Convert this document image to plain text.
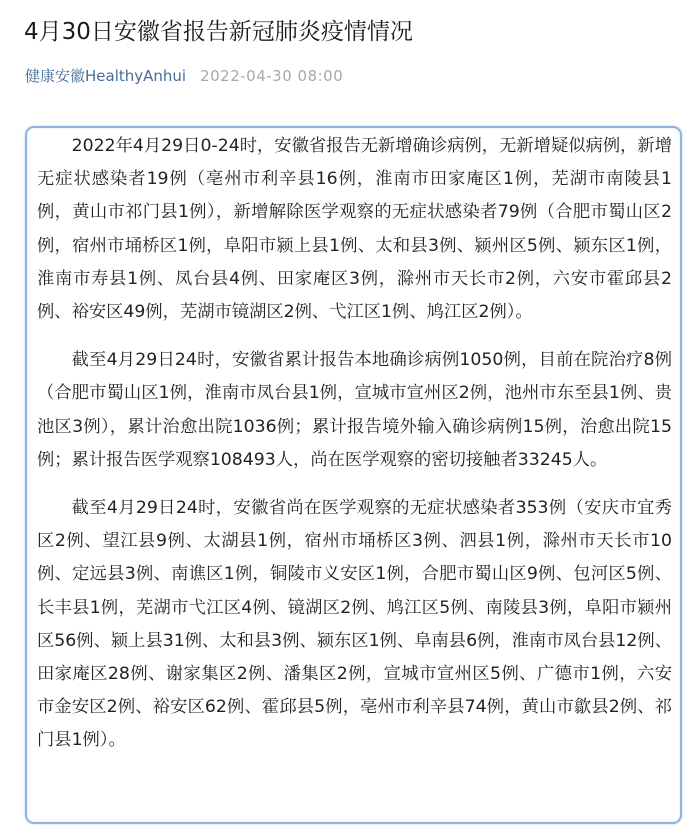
4月30日安徽省报告新冠肺炎疫情情况
健康安徽HealthyAnhui 2022-04-30 08:00

2022年4月29日0-24时，安徽省报告无新增确诊病例，无新增疑似病例，新增无症状感染者19例（亳州市利辛县16例，淮南市田家庵区1例，芜湖市南陵县1例，黄山市祁门县1例），新增解除医学观察的无症状感染者79例（合肥市蜀山区2例，宿州市埇桥区1例，阜阳市颍上县1例、太和县3例、颍州区5例、颍东区1例，淮南市寿县1例、凤台县4例、田家庵区3例，滁州市天长市2例，六安市霍邱县2例、裕安区49例，芜湖市镜湖区2例、弋江区1例、鸠江区2例）。

截至4月29日24时，安徽省累计报告本地确诊病例1050例，目前在院治疗8例（合肥市蜀山区1例，淮南市凤台县1例，宣城市宣州区2例，池州市东至县1例、贵池区3例），累计治愈出院1036例；累计报告境外输入确诊病例15例，治愈出院15例；累计报告医学观察108493人，尚在医学观察的密切接触者33245人。

截至4月29日24时，安徽省尚在医学观察的无症状感染者353例（安庆市宜秀区2例、望江县9例、太湖县1例，宿州市埇桥区3例、泗县1例，滁州市天长市10例、定远县3例、南谯区1例，铜陵市义安区1例，合肥市蜀山区9例、包河区5例、长丰县1例，芜湖市弋江区4例、镜湖区2例、鸠江区5例、南陵县3例，阜阳市颍州区56例、颍上县31例、太和县3例、颍东区1例、阜南县6例，淮南市凤台县12例、田家庵区28例、谢家集区2例、潘集区2例，宣城市宣州区5例、广德市1例，六安市金安区2例、裕安区62例、霍邱县5例，亳州市利辛县74例，黄山市歙县2例、祁门县1例）。
